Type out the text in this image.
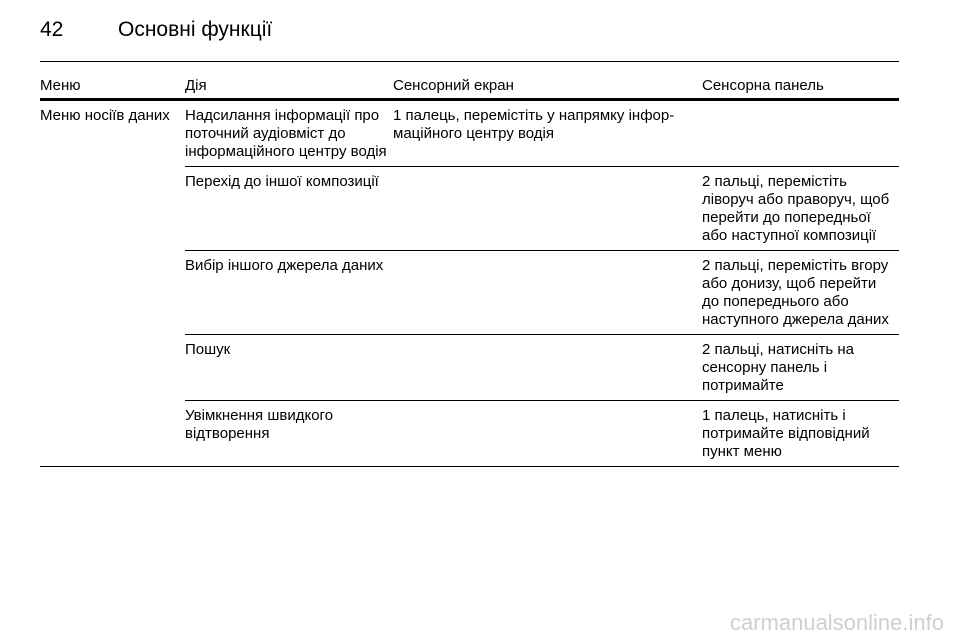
42	Основні функції
Меню	Дія	Сенсорний екран	Сенсорна панель
Меню носіїв даних	Надсилання інформації про поточний аудіовміст до інформаційного центру водія	1 палець, перемістіть у напрямку інфор-маційного центру водія	
	Перехід до іншої композиції		2 пальці, перемістіть ліворуч або праворуч, щоб перейти до попередньої або наступної композиції
	Вибір іншого джерела даних		2 пальці, перемістіть вгору або донизу, щоб перейти до попереднього або наступного джерела даних
	Пошук		2 пальці, натисніть на сенсорну панель і потримайте
	Увімкнення швидкого відтворення		1 палець, натисніть і потримайте відповідний пункт меню
carmanualsonline.info
